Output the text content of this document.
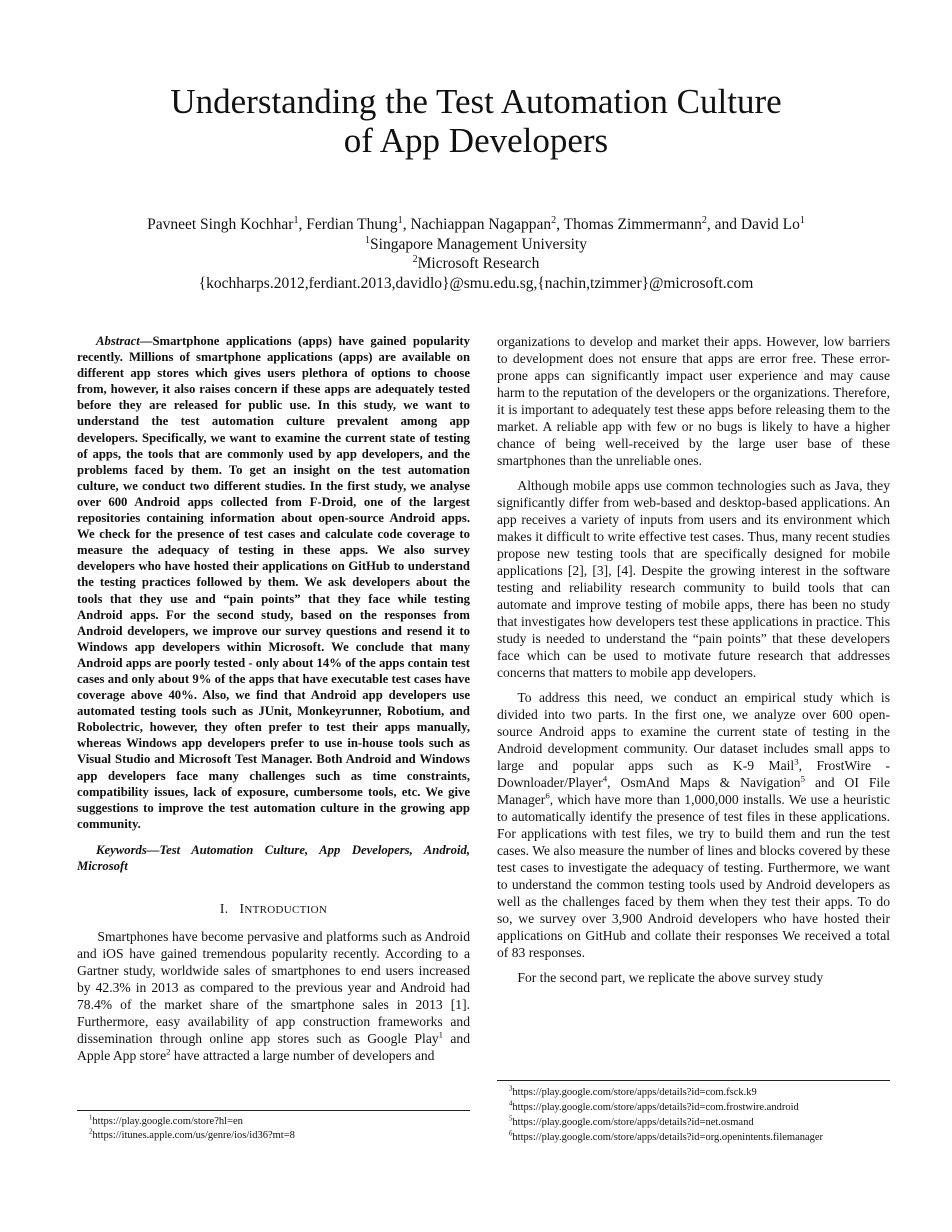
Understanding the Test Automation Culture
of App Developers
Pavneet Singh Kochhar$^1$, Ferdian Thung$^1$, Nachiappan Nagappan$^2$, Thomas Zimmermann$^2$, and David Lo$^1$
$^1$Singapore Management University
$^2$Microsoft Research
{kochharps.2012,ferdiant.2013,davidlo}@smu.edu.sg,{nachin,tzimmer}@microsoft.com

Abstract—Smartphone applications (apps) have gained popularity recently. Millions of smartphone applications (apps) are available on different app stores which gives users plethora of options to choose from, however, it also raises concern if these apps are adequately tested before they are released for public use. In this study, we want to understand the test automation culture prevalent among app developers. Specifically, we want to examine the current state of testing of apps, the tools that are commonly used by app developers, and the problems faced by them. To get an insight on the test automation culture, we conduct two different studies. In the first study, we analyse over 600 Android apps collected from F-Droid, one of the largest repositories containing information about open-source Android apps. We check for the presence of test cases and calculate code coverage to measure the adequacy of testing in these apps. We also survey developers who have hosted their applications on GitHub to understand the testing practices followed by them. We ask developers about the tools that they use and “pain points” that they face while testing Android apps. For the second study, based on the responses from Android developers, we improve our survey questions and resend it to Windows app developers within Microsoft. We conclude that many Android apps are poorly tested - only about 14% of the apps contain test cases and only about 9% of the apps that have executable test cases have coverage above 40%. Also, we find that Android app developers use automated testing tools such as JUnit, Monkeyrunner, Robotium, and Robolectric, however, they often prefer to test their apps manually, whereas Windows app developers prefer to use in-house tools such as Visual Studio and Microsoft Test Manager. Both Android and Windows app developers face many challenges such as time constraints, compatibility issues, lack of exposure, cumbersome tools, etc. We give suggestions to improve the test automation culture in the growing app community.

Keywords—Test Automation Culture, App Developers, Android, Microsoft

I. INTRODUCTION

Smartphones have become pervasive and platforms such as Android and iOS have gained tremendous popularity recently. According to a Gartner study, worldwide sales of smartphones to end users increased by 42.3% in 2013 as compared to the previous year and Android had 78.4% of the market share of the smartphone sales in 2013 [1]. Furthermore, easy availability of app construction frameworks and dissemination through online app stores such as Google Play$^1$ and Apple App store$^2$ have attracted a large number of developers and

organizations to develop and market their apps. However, low barriers to development does not ensure that apps are error free. These error-prone apps can significantly impact user experience and may cause harm to the reputation of the developers or the organizations. Therefore, it is important to adequately test these apps before releasing them to the market. A reliable app with few or no bugs is likely to have a higher chance of being well-received by the large user base of these smartphones than the unreliable ones.

Although mobile apps use common technologies such as Java, they significantly differ from web-based and desktop-based applications. An app receives a variety of inputs from users and its environment which makes it difficult to write effective test cases. Thus, many recent studies propose new testing tools that are specifically designed for mobile applications [2], [3], [4]. Despite the growing interest in the software testing and reliability research community to build tools that can automate and improve testing of mobile apps, there has been no study that investigates how developers test these applications in practice. This study is needed to understand the “pain points” that these developers face which can be used to motivate future research that addresses concerns that matters to mobile app developers.

To address this need, we conduct an empirical study which is divided into two parts. In the first one, we analyze over 600 open-source Android apps to examine the current state of testing in the Android development community. Our dataset includes small apps to large and popular apps such as K-9 Mail$^3$, FrostWire - Downloader/Player$^4$, OsmAnd Maps & Navigation$^5$ and OI File Manager$^6$, which have more than 1,000,000 installs. We use a heuristic to automatically identify the presence of test files in these applications. For applications with test files, we try to build them and run the test cases. We also measure the number of lines and blocks covered by these test cases to investigate the adequacy of testing. Furthermore, we want to understand the common testing tools used by Android developers as well as the challenges faced by them when they test their apps. To do so, we survey over 3,900 Android developers who have hosted their applications on GitHub and collate their responses We received a total of 83 responses.

For the second part, we replicate the above survey study

$^1$https://play.google.com/store?hl=en
$^2$https://itunes.apple.com/us/genre/ios/id36?mt=8
$^3$https://play.google.com/store/apps/details?id=com.fsck.k9
$^4$https://play.google.com/store/apps/details?id=com.frostwire.android
$^5$https://play.google.com/store/apps/details?id=net.osmand
$^6$https://play.google.com/store/apps/details?id=org.openintents.filemanager
